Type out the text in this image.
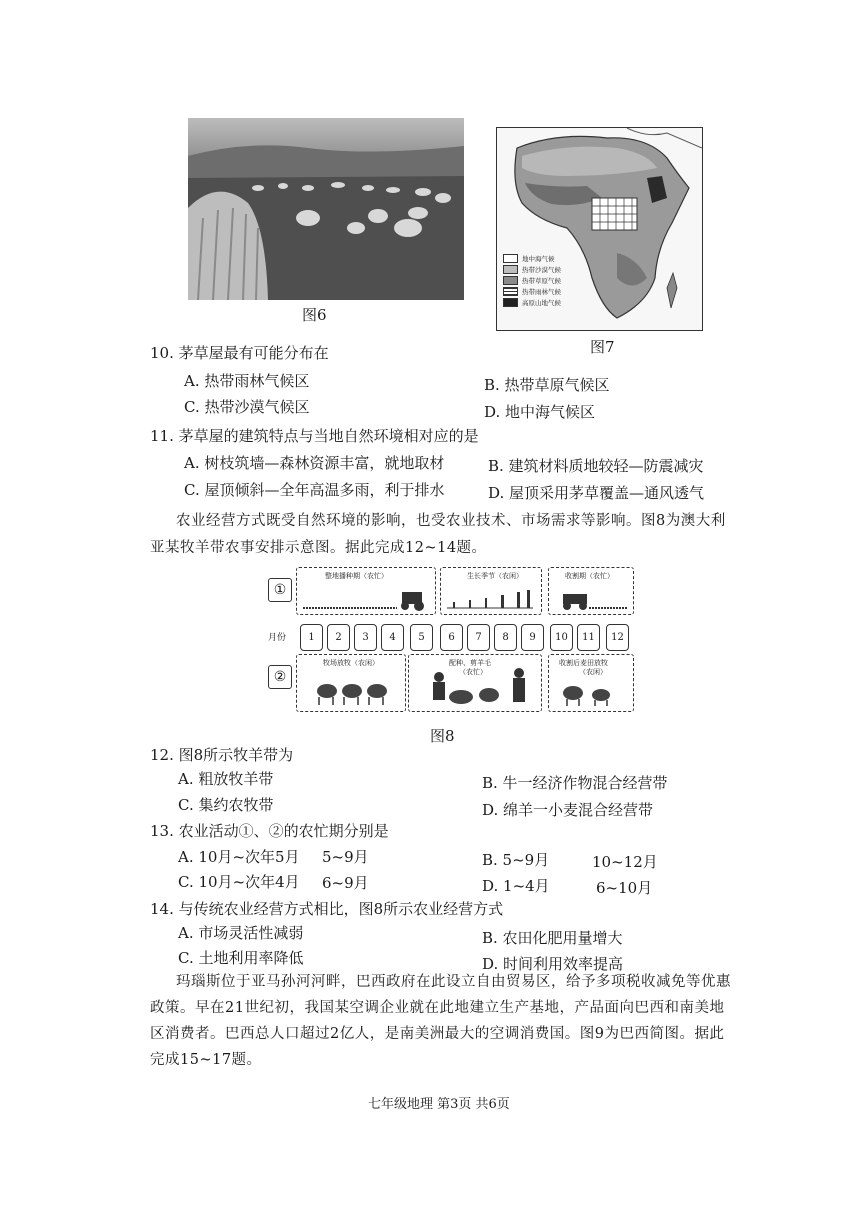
图6
地中海气候
热带沙漠气候
热带草原气候
热带雨林气候
高原山地气候
图7
10. 茅草屋最有可能分布在
A. 热带雨林气候区	B. 热带草原气候区
C. 热带沙漠气候区	D. 地中海气候区
11. 茅草屋的建筑特点与当地自然环境相对应的是
A. 树枝筑墙—森林资源丰富，就地取材	B. 建筑材料质地较轻—防震减灾
C. 屋顶倾斜—全年高温多雨，利于排水	D. 屋顶采用茅草覆盖—通风透气
农业经营方式既受自然环境的影响，也受农业技术、市场需求等影响。图8为澳大利
亚某牧羊带农事安排示意图。据此完成12~14题。
①
②
整地播种期（农忙）	生长季节（农闲）	收割期（农忙）
月份	1	2	3	4	5	6	7	8	9	10	11	12
牧场放牧（农闲）	配种、剪羊毛
（农忙）
收割后麦田放牧
（农闲）
图8
12. 图8所示牧羊带为
A. 粗放牧羊带	B. 牛一经济作物混合经营带
C. 集约农牧带	D. 绵羊一小麦混合经营带
13. 农业活动①、②的农忙期分别是
A. 10月~次年5月 5~9月	B. 5~9月	10~12月
C. 10月~次年4月 6~9月	D. 1~4月	6~10月
14. 与传统农业经营方式相比，图8所示农业经营方式
A. 市场灵活性减弱	B. 农田化肥用量增大
C. 土地利用率降低	D. 时间利用效率提高
玛瑙斯位于亚马孙河河畔，巴西政府在此设立自由贸易区，给予多项税收减免等优惠
政策。早在21世纪初，我国某空调企业就在此地建立生产基地，产品面向巴西和南美地
区消费者。巴西总人口超过2亿人，是南美洲最大的空调消费国。图9为巴西简图。据此
完成15~17题。
七年级地理 第3页 共6页
